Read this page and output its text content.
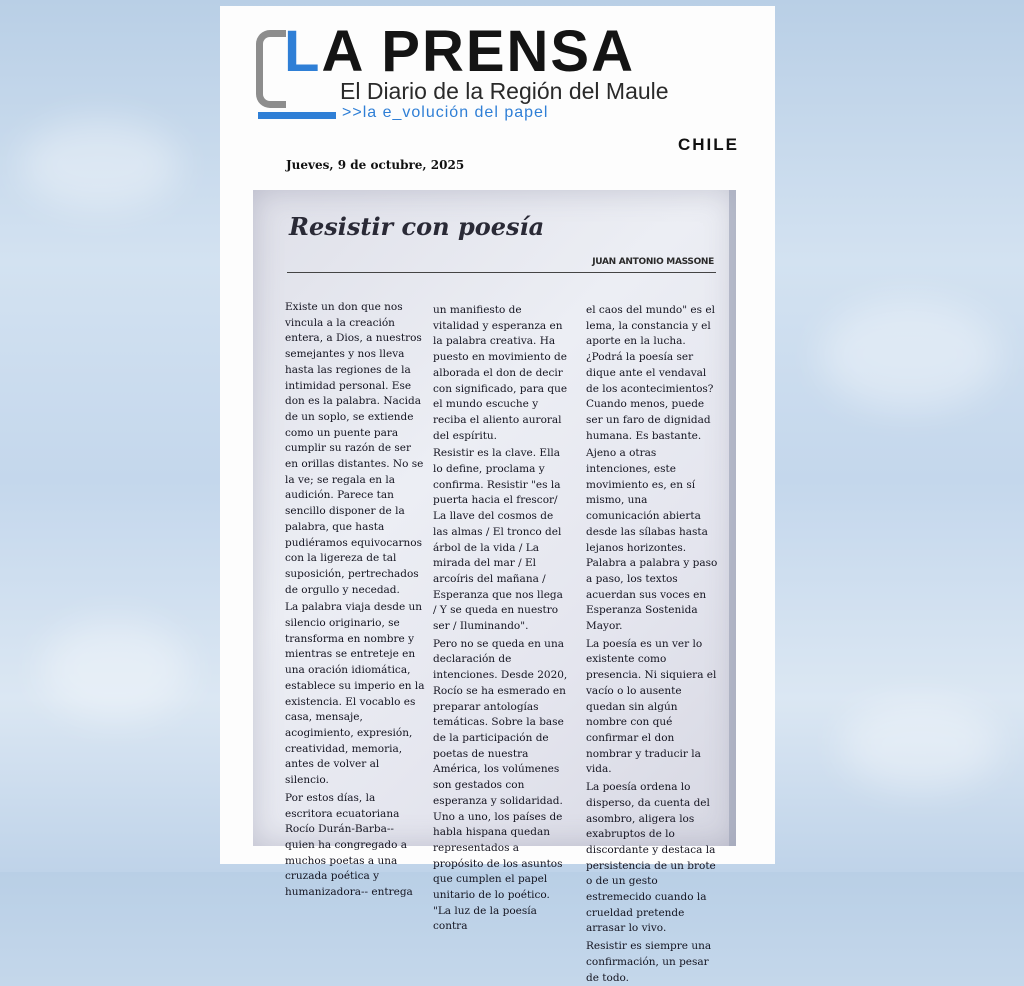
LA PRENSA
El Diario de la Región del Maule
>>la e_volución del papel
CHILE
Jueves, 9 de octubre, 2025
Resistir con poesía
JUAN ANTONIO MASSONE

Existe un don que nos vincula a la creación entera, a Dios, a nuestros semejantes y nos lleva hasta las regiones de la intimidad personal. Ese don es la palabra. Nacida de un soplo, se extiende como un puente para cumplir su razón de ser en orillas distantes. No se la ve; se regala en la audición. Parece tan sencillo disponer de la palabra, que hasta pudiéramos equivocarnos con la ligereza de tal suposición, pertrechados de orgullo y necedad.

La palabra viaja desde un silencio originario, se transforma en nombre y mientras se entreteje en una oración idiomática, establece su imperio en la existencia. El vocablo es casa, mensaje, acogimiento, expresión, creatividad, memoria, antes de volver al silencio.

Por estos días, la escritora ecuatoriana Rocío Durán-Barba-- quien ha congregado a muchos poetas a una cruzada poética y humanizadora-- entrega

un manifiesto de vitalidad y esperanza en la palabra creativa. Ha puesto en movimiento de alborada el don de decir con significado, para que el mundo escuche y reciba el aliento auroral del espíritu.

Resistir es la clave. Ella lo define, proclama y confirma. Resistir "es la puerta hacia el frescor/ La llave del cosmos de las almas / El tronco del árbol de la vida / La mirada del mar / El arcoíris del mañana / Esperanza que nos llega / Y se queda en nuestro ser / Iluminando".

Pero no se queda en una declaración de intenciones. Desde 2020, Rocío se ha esmerado en preparar antologías temáticas. Sobre la base de la participación de poetas de nuestra América, los volúmenes son gestados con esperanza y solidaridad. Uno a uno, los países de habla hispana quedan representados a propósito de los asuntos que cumplen el papel unitario de lo poético. "La luz de la poesía contra

el caos del mundo" es el lema, la constancia y el aporte en la lucha. ¿Podrá la poesía ser dique ante el vendaval de los acontecimientos? Cuando menos, puede ser un faro de dignidad humana. Es bastante.

Ajeno a otras intenciones, este movimiento es, en sí mismo, una comunicación abierta desde las sílabas hasta lejanos horizontes. Palabra a palabra y paso a paso, los textos acuerdan sus voces en Esperanza Sostenida Mayor.

La poesía es un ver lo existente como presencia. Ni siquiera el vacío o lo ausente quedan sin algún nombre con qué confirmar el don nombrar y traducir la vida.

La poesía ordena lo disperso, da cuenta del asombro, aligera los exabruptos de lo discordante y destaca la persistencia de un brote o de un gesto estremecido cuando la crueldad pretende arrasar lo vivo.

Resistir es siempre una confirmación, un pesar de todo.
